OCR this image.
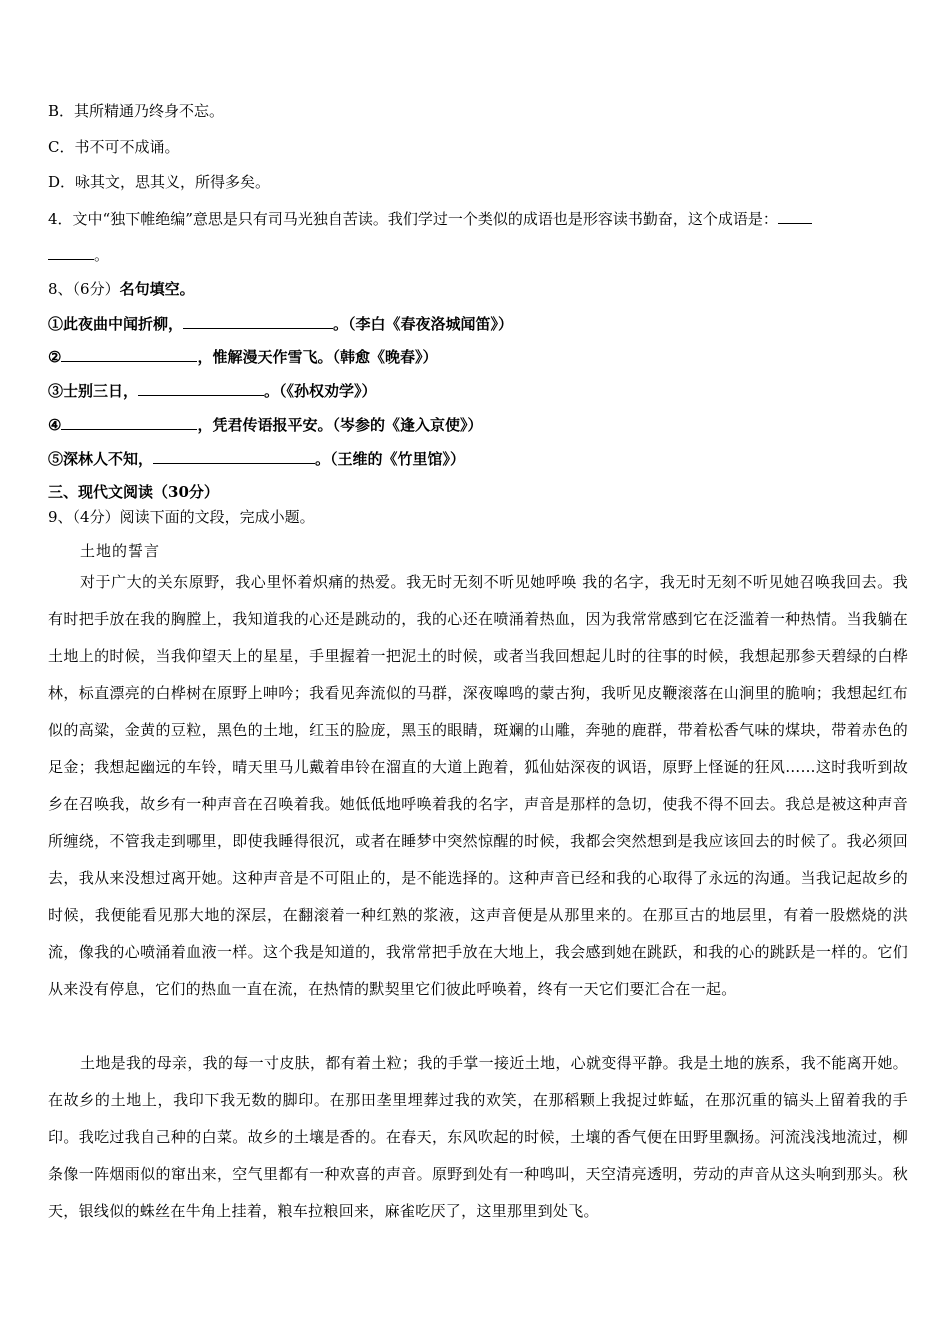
B．其所精通乃终身不忘。
C．书不可不成诵。
D．咏其文，思其义，所得多矣。
4．文中“独下帷绝编”意思是只有司马光独自苦读。我们学过一个类似的成语也是形容读书勤奋，这个成语是：
。
8、（6分）名句填空。
①此夜曲中闻折柳，	。（李白《春夜洛城闻笛》）
②	，惟解漫天作雪飞。（韩愈《晚春》）
③士别三日，	。（《孙权劝学》）
④	，凭君传语报平安。（岑参的《逢入京使》）
⑤深林人不知，	。（王维的《竹里馆》）
三、现代文阅读（30分）
9、（4分）阅读下面的文段，完成小题。
土地的誓言
对于广大的关东原野，我心里怀着炽痛的热爱。我无时无刻不听见她呼唤 我的名字，我无时无刻不听见她召唤我回去。我有时把手放在我的胸膛上，我知道我的心还是跳动的，我的心还在喷涌着热血，因为我常常感到它在泛滥着一种热情。当我躺在土地上的时候，当我仰望天上的星星，手里握着一把泥土的时候，或者当我回想起儿时的往事的时候，我想起那参天碧绿的白桦林，标直漂亮的白桦树在原野上呻吟；我看见奔流似的马群，深夜嗥鸣的蒙古狗，我听见皮鞭滚落在山涧里的脆响；我想起红布似的高粱，金黄的豆粒，黑色的土地，红玉的脸庞，黑玉的眼睛，斑斓的山雕，奔驰的鹿群，带着松香气味的煤块，带着赤色的足金；我想起幽远的车铃，晴天里马儿戴着串铃在溜直的大道上跑着，狐仙姑深夜的讽语，原野上怪诞的狂风……这时我听到故乡在召唤我，故乡有一种声音在召唤着我。她低低地呼唤着我的名字，声音是那样的急切，使我不得不回去。我总是被这种声音所缠绕，不管我走到哪里，即使我睡得很沉，或者在睡梦中突然惊醒的时候，我都会突然想到是我应该回去的时候了。我必须回去，我从来没想过离开她。这种声音是不可阻止的，是不能选择的。这种声音已经和我的心取得了永远的沟通。当我记起故乡的时候，我便能看见那大地的深层，在翻滚着一种红熟的浆液，这声音便是从那里来的。在那亘古的地层里，有着一股燃烧的洪流，像我的心喷涌着血液一样。这个我是知道的，我常常把手放在大地上，我会感到她在跳跃，和我的心的跳跃是一样的。它们从来没有停息，它们的热血一直在流，在热情的默契里它们彼此呼唤着，终有一天它们要汇合在一起。
土地是我的母亲，我的每一寸皮肤，都有着土粒；我的手掌一接近土地，心就变得平静。我是土地的族系，我不能离开她。在故乡的土地上，我印下我无数的脚印。在那田垄里埋葬过我的欢笑，在那稻颗上我捉过蚱蜢，在那沉重的镐头上留着我的手印。我吃过我自己种的白菜。故乡的土壤是香的。在春天，东风吹起的时候，土壤的香气便在田野里飘扬。河流浅浅地流过，柳条像一阵烟雨似的窜出来，空气里都有一种欢喜的声音。原野到处有一种鸣叫，天空清亮透明，劳动的声音从这头响到那头。秋天，银线似的蛛丝在牛角上挂着，粮车拉粮回来，麻雀吃厌了，这里那里到处飞。
